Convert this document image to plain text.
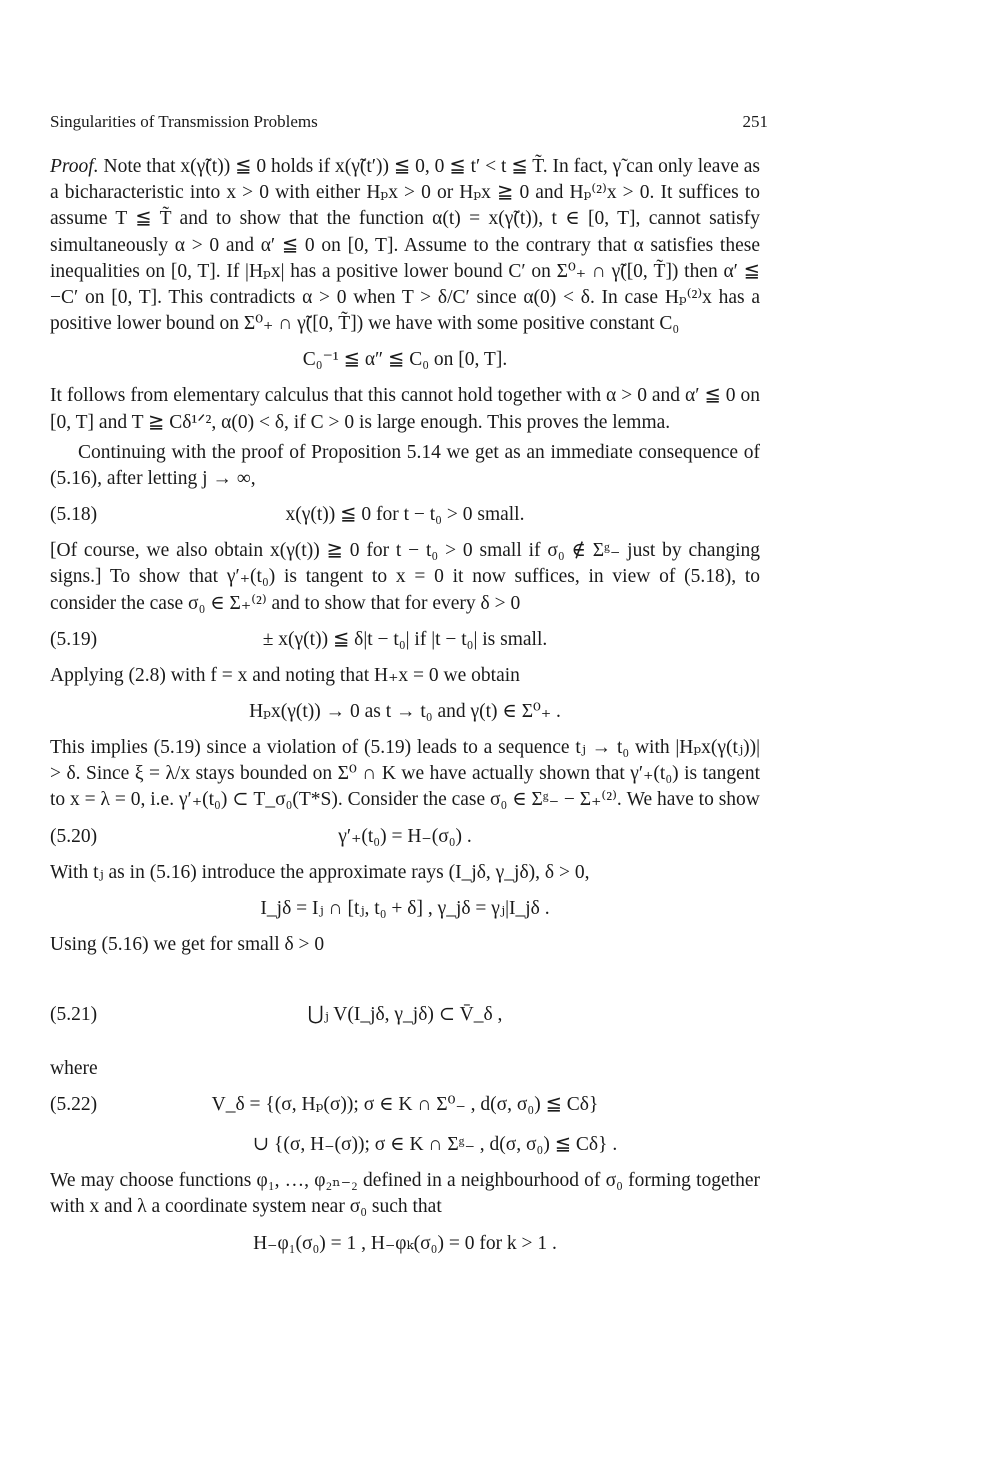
Singularities of Transmission Problems	251

Proof. Note that x(γ̃(t)) ≦ 0 holds if x(γ̃(t′)) ≦ 0, 0 ≦ t′ < t ≦ T̃. In fact, γ̃ can only leave as a bicharacteristic into x > 0 with either Hₚx > 0 or Hₚx ≧ 0 and Hₚ⁽²⁾x > 0. It suffices to assume T ≦ T̃ and to show that the function α(t) = x(γ̃(t)), t ∈ [0, T], cannot satisfy simultaneously α > 0 and α′ ≦ 0 on [0, T]. Assume to the contrary that α satisfies these inequalities on [0, T]. If |Hₚx| has a positive lower bound C′ on Σ⁰₊ ∩ γ̃([0, T̃]) then α′ ≦ −C′ on [0, T]. This contradicts α > 0 when T > δ/C′ since α(0) < δ. In case Hₚ⁽²⁾x has a positive lower bound on Σ⁰₊ ∩ γ̃([0, T̃]) we have with some positive constant C₀

C₀⁻¹ ≦ α″ ≦ C₀ on [0, T].

It follows from elementary calculus that this cannot hold together with α > 0 and α′ ≦ 0 on [0, T] and T ≧ Cδ¹ᐟ², α(0) < δ, if C > 0 is large enough. This proves the lemma.

Continuing with the proof of Proposition 5.14 we get as an immediate consequence of (5.16), after letting j → ∞,

(5.18)	x(γ(t)) ≦ 0 for t − t₀ > 0 small.

[Of course, we also obtain x(γ(t)) ≧ 0 for t − t₀ > 0 small if σ₀ ∉ Σᵍ₋ just by changing signs.] To show that γ′₊(t₀) is tangent to x = 0 it now suffices, in view of (5.18), to consider the case σ₀ ∈ Σ₊⁽²⁾ and to show that for every δ > 0

(5.19)	± x(γ(t)) ≦ δ|t − t₀| if |t − t₀| is small.

Applying (2.8) with f = x and noting that H₊x = 0 we obtain

Hₚx(γ(t)) → 0 as t → t₀ and γ(t) ∈ Σ⁰₊ .

This implies (5.19) since a violation of (5.19) leads to a sequence tⱼ → t₀ with |Hₚx(γ(tⱼ))| > δ. Since ξ = λ/x stays bounded on Σ⁰ ∩ K we have actually shown that γ′₊(t₀) is tangent to x = λ = 0, i.e. γ′₊(t₀) ⊂ T_σ₀(T*S). Consider the case σ₀ ∈ Σᵍ₋ − Σ₊⁽²⁾. We have to show

(5.20)	γ′₊(t₀) = H₋(σ₀) .

With tⱼ as in (5.16) introduce the approximate rays (I_jδ, γ_jδ), δ > 0,

I_jδ = Iⱼ ∩ [tⱼ, t₀ + δ] , γ_jδ = γⱼ|I_jδ .

Using (5.16) we get for small δ > 0

(5.21)	⋃ⱼ V(I_jδ, γ_jδ) ⊂ V̄_δ ,

where

(5.22)	V_δ = {(σ, Hₚ(σ)); σ ∈ K ∩ Σ⁰₋ , d(σ, σ₀) ≦ Cδ}
∪ {(σ, H₋(σ)); σ ∈ K ∩ Σᵍ₋ , d(σ, σ₀) ≦ Cδ} .

We may choose functions φ₁, …, φ₂ₙ₋₂ defined in a neighbourhood of σ₀ forming together with x and λ a coordinate system near σ₀ such that

H₋φ₁(σ₀) = 1 , H₋φₖ(σ₀) = 0 for k > 1 .
